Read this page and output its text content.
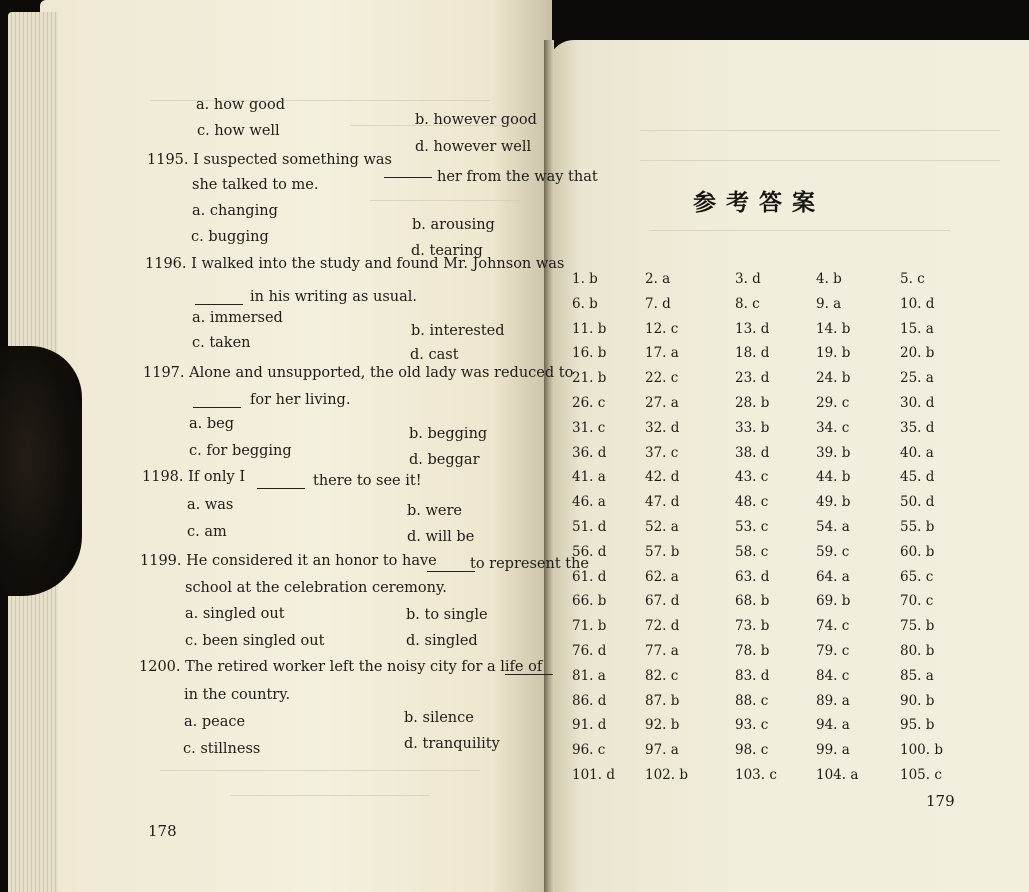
a. how good
b. however good
c. how well
d. however well
1195. I suspected something was
her from the way that
she talked to me.
a. changing
b. arousing
c. bugging
d. tearing
1196. I walked into the study and found Mr. Johnson was
in his writing as usual.
a. immersed
b. interested
c. taken
d. cast
1197. Alone and unsupported, the old lady was reduced to
for her living.
a. beg
b. begging
c. for begging
d. beggar
1198. If only I	there to see it!
a. was	b. were
c. am	d. will be
1199. He considered it an honor to have to represent the
school at the celebration ceremony.
a. singled out	b. to single
c. been singled out	d. singled
1200. The retired worker left the noisy city for a life of
in the country.
a. peace	b. silence
c. stillness	d. tranquility
178
参考答案
1. b	2. a	3. d	4. b	5. c
6. b	7. d	8. c	9. a	10. d
11. b	12. c	13. d	14. b	15. a
16. b	17. a	18. d	19. b	20. b
21. b	22. c	23. d	24. b	25. a
26. c	27. a	28. b	29. c	30. d
31. c	32. d	33. b	34. c	35. d
36. d	37. c	38. d	39. b	40. a
41. a	42. d	43. c	44. b	45. d
46. a	47. d	48. c	49. b	50. d
51. d	52. a	53. c	54. a	55. b
56. d	57. b	58. c	59. c	60. b
61. d	62. a	63. d	64. a	65. c
66. b	67. d	68. b	69. b	70. c
71. b	72. d	73. b	74. c	75. b
76. d	77. a	78. b	79. c	80. b
81. a	82. c	83. d	84. c	85. a
86. d	87. b	88. c	89. a	90. b
91. d	92. b	93. c	94. a	95. b
96. c	97. a	98. c	99. a	100. b
101. d 102. b	103. c	104. a	105. c
179
